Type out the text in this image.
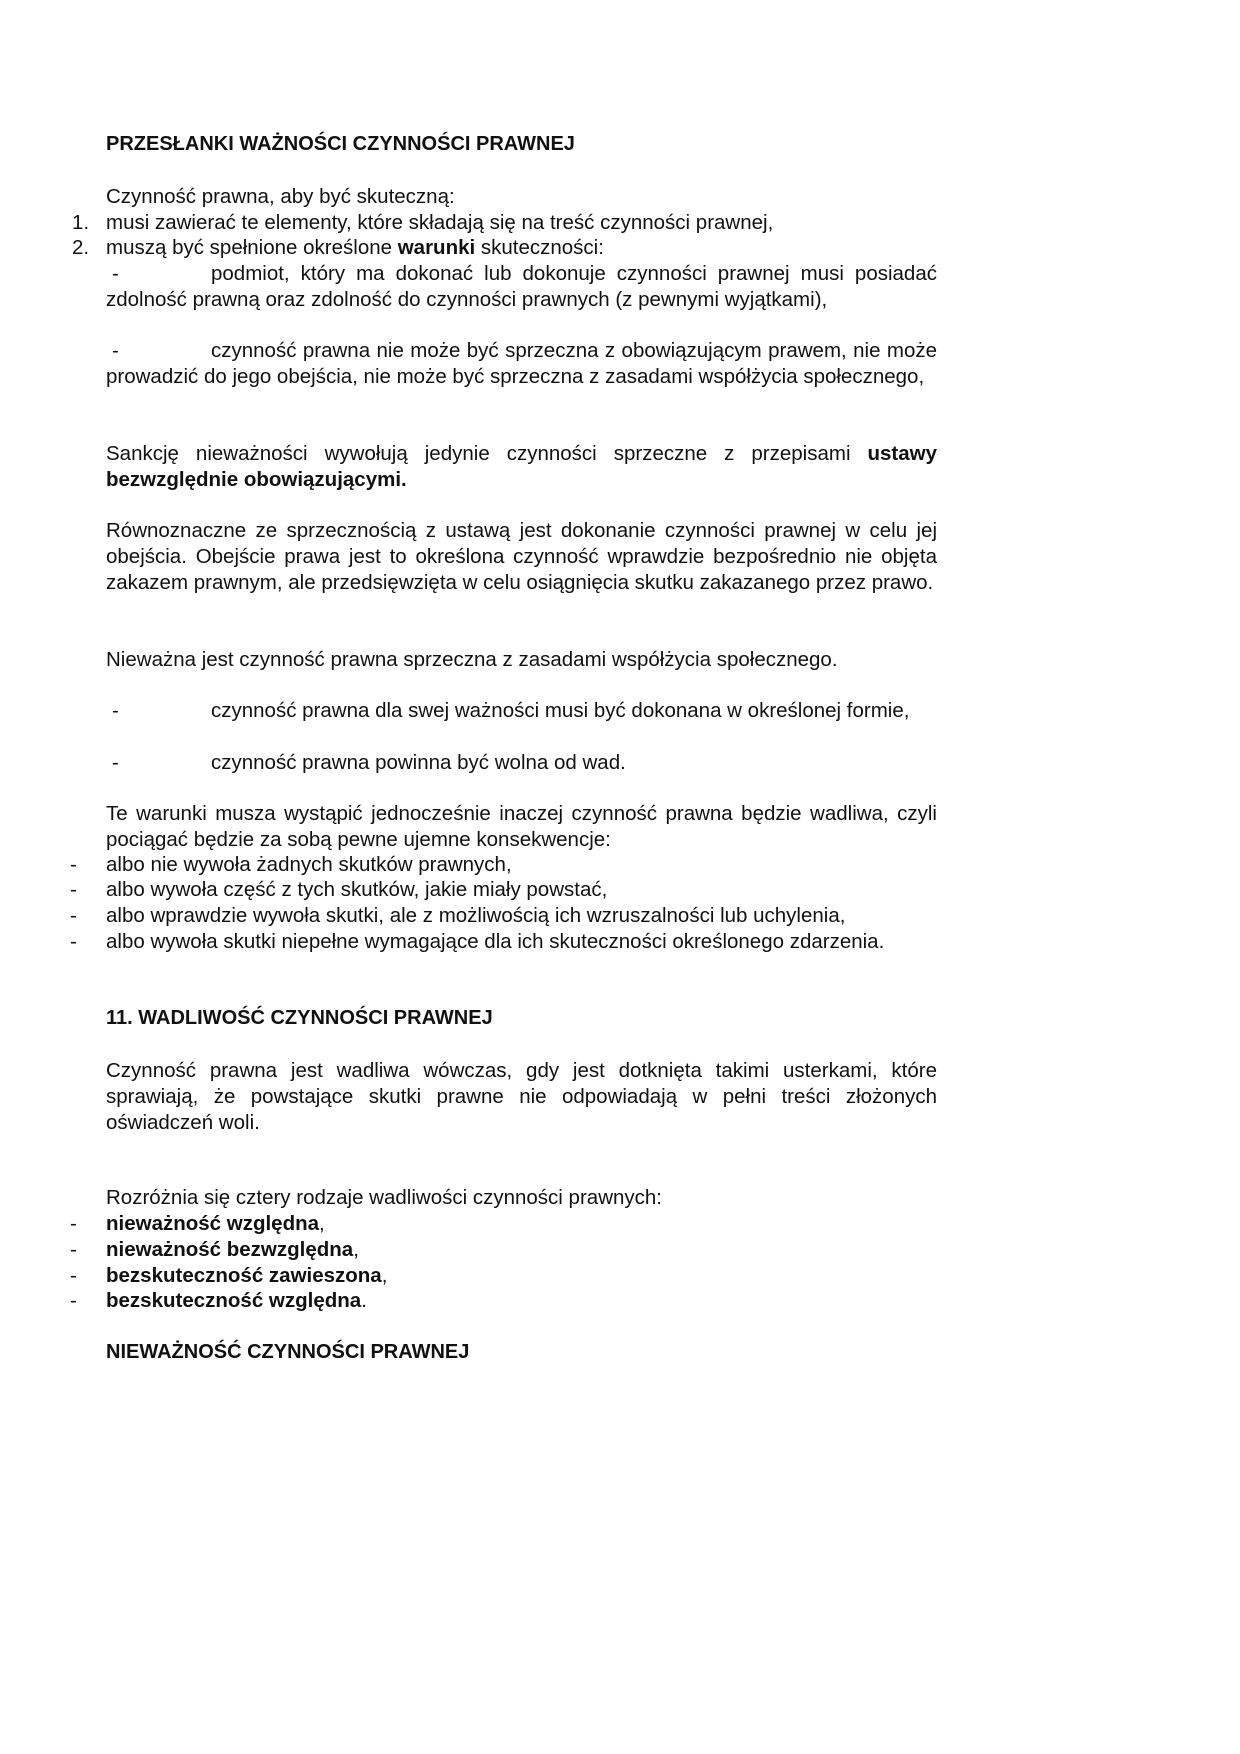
PRZESŁANKI WAŻNOŚCI CZYNNOŚCI PRAWNEJ
Czynność prawna, aby być skuteczną:
1. musi zawierać te elementy, które składają się na treść czynności prawnej,
2. muszą być spełnione określone warunki skuteczności:
-	podmiot, który ma dokonać lub dokonuje czynności prawnej musi posiadać zdolność prawną oraz zdolność do czynności prawnych (z pewnymi wyjątkami),
-	czynność prawna nie może być sprzeczna z obowiązującym prawem, nie może prowadzić do jego obejścia, nie może być sprzeczna z zasadami współżycia społecznego,
Sankcję nieważności wywołują jedynie czynności sprzeczne z przepisami ustawy bezwzględnie obowiązującymi.
Równoznaczne ze sprzecznością z ustawą jest dokonanie czynności prawnej w celu jej obejścia. Obejście prawa jest to określona czynność wprawdzie bezpośrednio nie objęta zakazem prawnym, ale przedsięwzięta w celu osiągnięcia skutku zakazanego przez prawo.
Nieważna jest czynność prawna sprzeczna z zasadami współżycia społecznego.
-	czynność prawna dla swej ważności musi być dokonana w określonej formie,
-	czynność prawna powinna być wolna od wad.
Te warunki musza wystąpić jednocześnie inaczej czynność prawna będzie wadliwa, czyli pociągać będzie za sobą pewne ujemne konsekwencje:
- albo nie wywoła żadnych skutków prawnych,
- albo wywoła część z tych skutków, jakie miały powstać,
- albo wprawdzie wywoła skutki, ale z możliwością ich wzruszalności lub uchylenia,
- albo wywoła skutki niepełne wymagające dla ich skuteczności określonego zdarzenia.
11. WADLIWOŚĆ CZYNNOŚCI PRAWNEJ
Czynność prawna jest wadliwa wówczas, gdy jest dotknięta takimi usterkami, które sprawiają, że powstające skutki prawne nie odpowiadają w pełni treści złożonych oświadczeń woli.
Rozróżnia się cztery rodzaje wadliwości czynności prawnych:
- nieważność względna,
- nieważność bezwzględna,
- bezskuteczność zawieszona,
- bezskuteczność względna.
NIEWAŻNOŚĆ CZYNNOŚCI PRAWNEJ
